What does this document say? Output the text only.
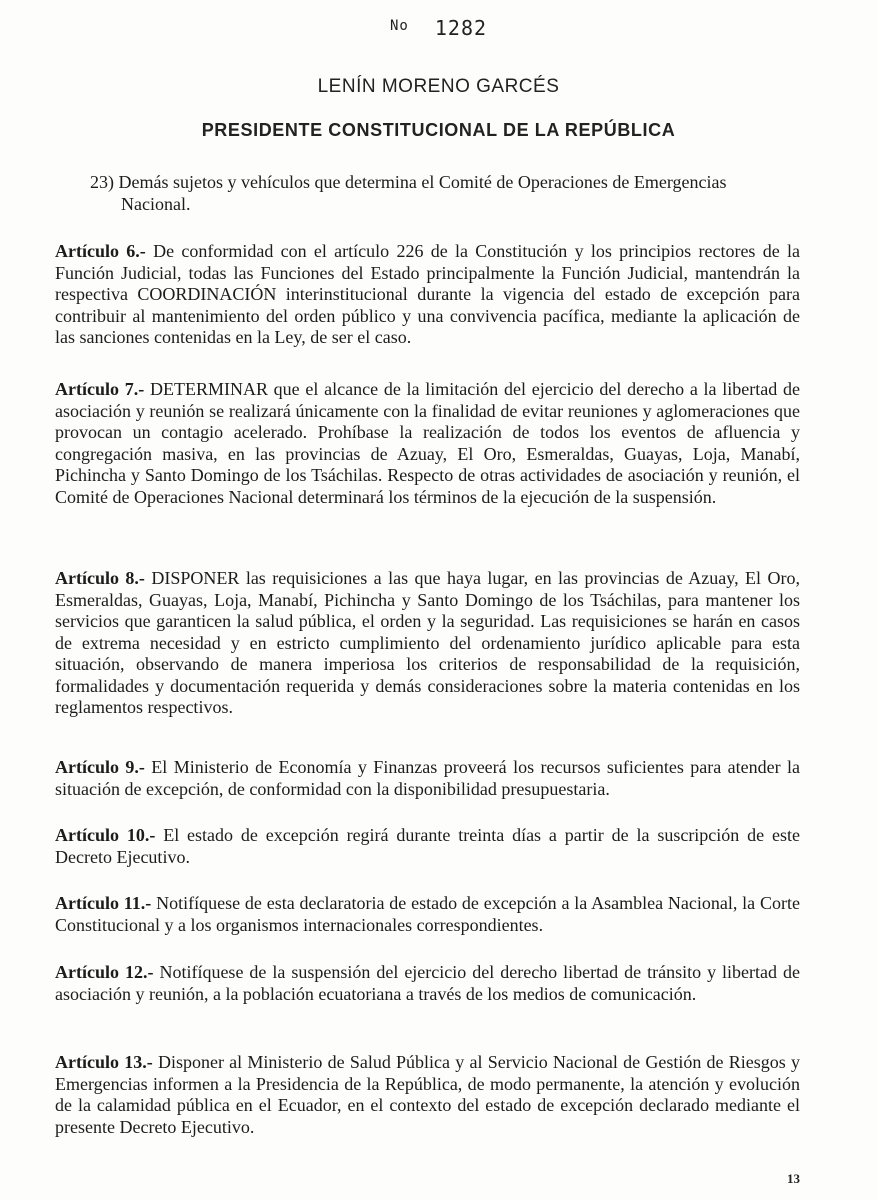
$^{No}$ 1282
LENÍN MORENO GARCÉS
PRESIDENTE CONSTITUCIONAL DE LA REPÚBLICA
23) Demás sujetos y vehículos que determina el Comité de Operaciones de Emergencias
Nacional.
Artículo 6.- De conformidad con el artículo 226 de la Constitución y los principios rectores de la Función Judicial, todas las Funciones del Estado principalmente la Función Judicial, mantendrán la respectiva COORDINACIÓN interinstitucional durante la vigencia del estado de excepción para contribuir al mantenimiento del orden público y una convivencia pacífica, mediante la aplicación de las sanciones contenidas en la Ley, de ser el caso.
Artículo 7.- DETERMINAR que el alcance de la limitación del ejercicio del derecho a la libertad de asociación y reunión se realizará únicamente con la finalidad de evitar reuniones y aglomeraciones que provocan un contagio acelerado. Prohíbase la realización de todos los eventos de afluencia y congregación masiva, en las provincias de Azuay, El Oro, Esmeraldas, Guayas, Loja, Manabí, Pichincha y Santo Domingo de los Tsáchilas. Respecto de otras actividades de asociación y reunión, el Comité de Operaciones Nacional determinará los términos de la ejecución de la suspensión.
Artículo 8.- DISPONER las requisiciones a las que haya lugar, en las provincias de Azuay, El Oro, Esmeraldas, Guayas, Loja, Manabí, Pichincha y Santo Domingo de los Tsáchilas, para mantener los servicios que garanticen la salud pública, el orden y la seguridad. Las requisiciones se harán en casos de extrema necesidad y en estricto cumplimiento del ordenamiento jurídico aplicable para esta situación, observando de manera imperiosa los criterios de responsabilidad de la requisición, formalidades y documentación requerida y demás consideraciones sobre la materia contenidas en los reglamentos respectivos.
Artículo 9.- El Ministerio de Economía y Finanzas proveerá los recursos suficientes para atender la situación de excepción, de conformidad con la disponibilidad presupuestaria.
Artículo 10.- El estado de excepción regirá durante treinta días a partir de la suscripción de este Decreto Ejecutivo.
Artículo 11.- Notifíquese de esta declaratoria de estado de excepción a la Asamblea Nacional, la Corte Constitucional y a los organismos internacionales correspondientes.
Artículo 12.- Notifíquese de la suspensión del ejercicio del derecho libertad de tránsito y libertad de asociación y reunión, a la población ecuatoriana a través de los medios de comunicación.
Artículo 13.- Disponer al Ministerio de Salud Pública y al Servicio Nacional de Gestión de Riesgos y Emergencias informen a la Presidencia de la República, de modo permanente, la atención y evolución de la calamidad pública en el Ecuador, en el contexto del estado de excepción declarado mediante el presente Decreto Ejecutivo.
13
